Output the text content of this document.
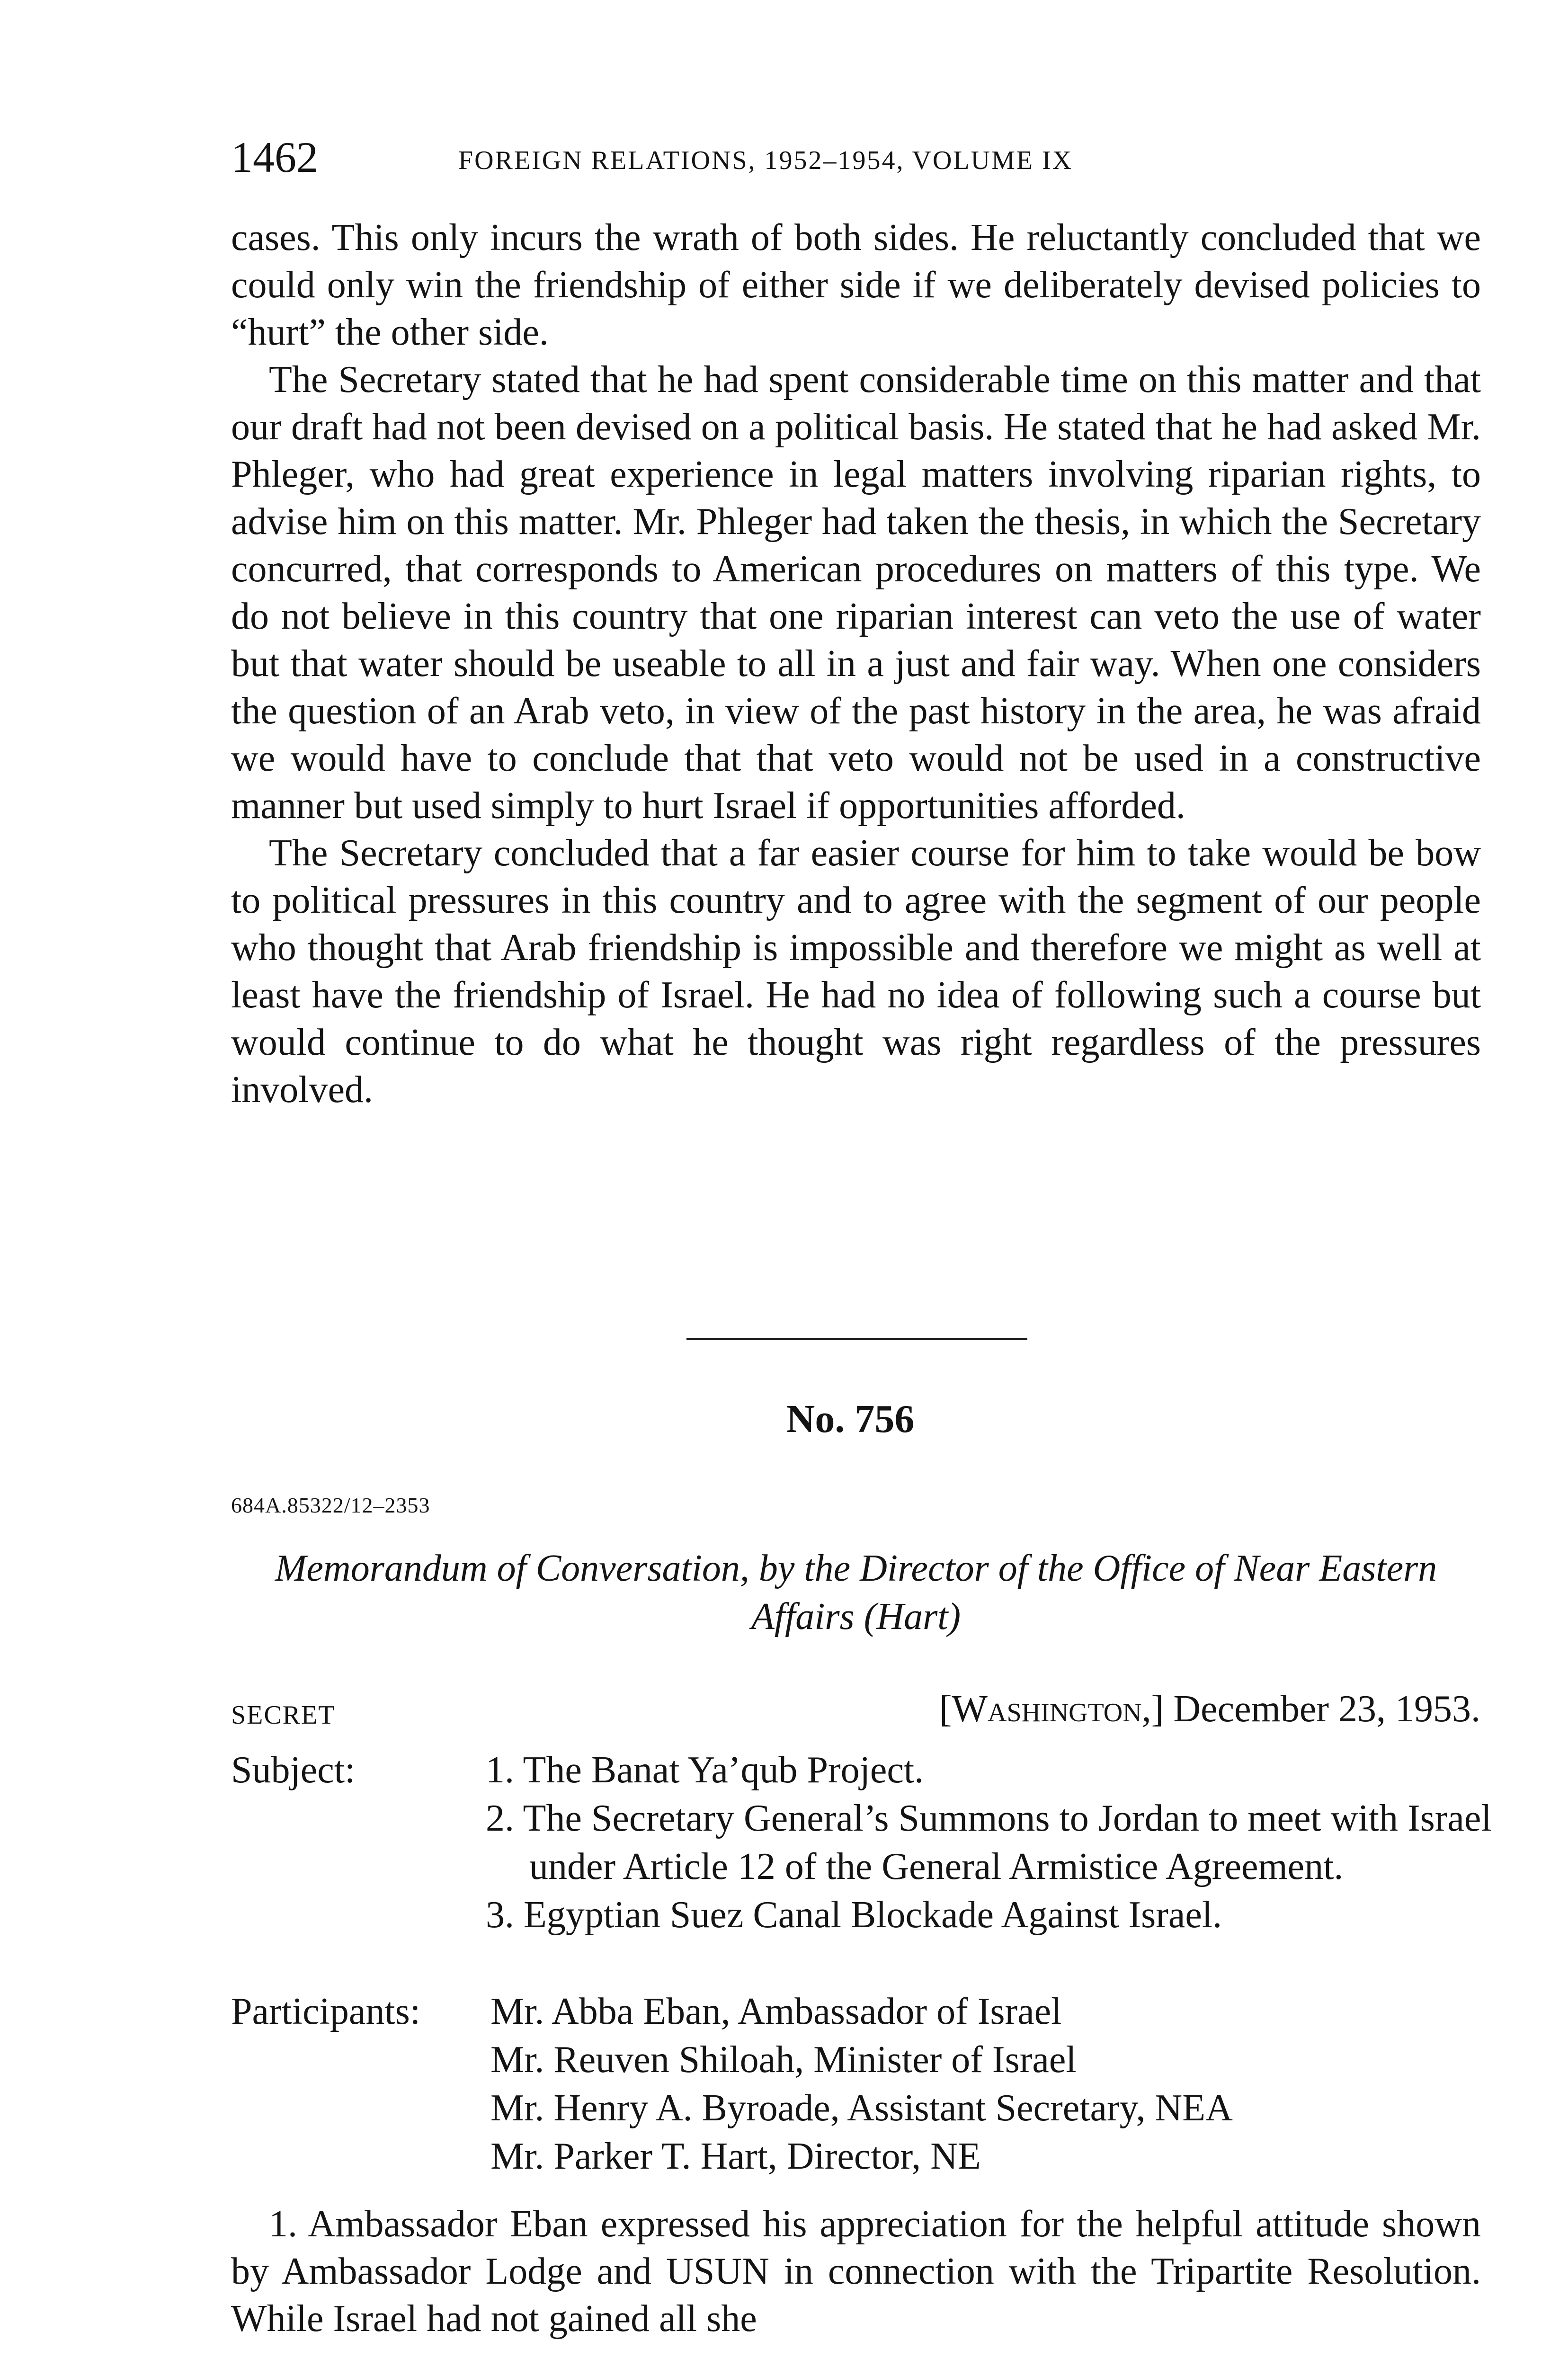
1462	FOREIGN RELATIONS, 1952–1954, VOLUME IX

cases. This only incurs the wrath of both sides. He reluctantly concluded that we could only win the friendship of either side if we deliberately devised policies to “hurt” the other side.

The Secretary stated that he had spent considerable time on this matter and that our draft had not been devised on a political basis. He stated that he had asked Mr. Phleger, who had great experience in legal matters involving riparian rights, to advise him on this matter. Mr. Phleger had taken the thesis, in which the Secretary concurred, that corresponds to American procedures on matters of this type. We do not believe in this country that one riparian interest can veto the use of water but that water should be useable to all in a just and fair way. When one considers the question of an Arab veto, in view of the past history in the area, he was afraid we would have to conclude that that veto would not be used in a constructive manner but used simply to hurt Israel if opportunities afforded.

The Secretary concluded that a far easier course for him to take would be bow to political pressures in this country and to agree with the segment of our people who thought that Arab friendship is impossible and therefore we might as well at least have the friendship of Israel. He had no idea of following such a course but would continue to do what he thought was right regardless of the pressures involved.

No. 756
684A.85322/12–2353
Memorandum of Conversation, by the Director of the Office of Near Eastern Affairs (Hart)
SECRET	[Washington,] December 23, 1953.
Subject:	1. The Banat Ya’qub Project.
2. The Secretary General’s Summons to Jordan to meet with Israel under Article 12 of the General Armistice Agreement.
3. Egyptian Suez Canal Blockade Against Israel.
Participants: Mr. Abba Eban, Ambassador of Israel
Mr. Reuven Shiloah, Minister of Israel
Mr. Henry A. Byroade, Assistant Secretary, NEA
Mr. Parker T. Hart, Director, NE

1. Ambassador Eban expressed his appreciation for the helpful attitude shown by Ambassador Lodge and USUN in connection with the Tripartite Resolution. While Israel had not gained all she
